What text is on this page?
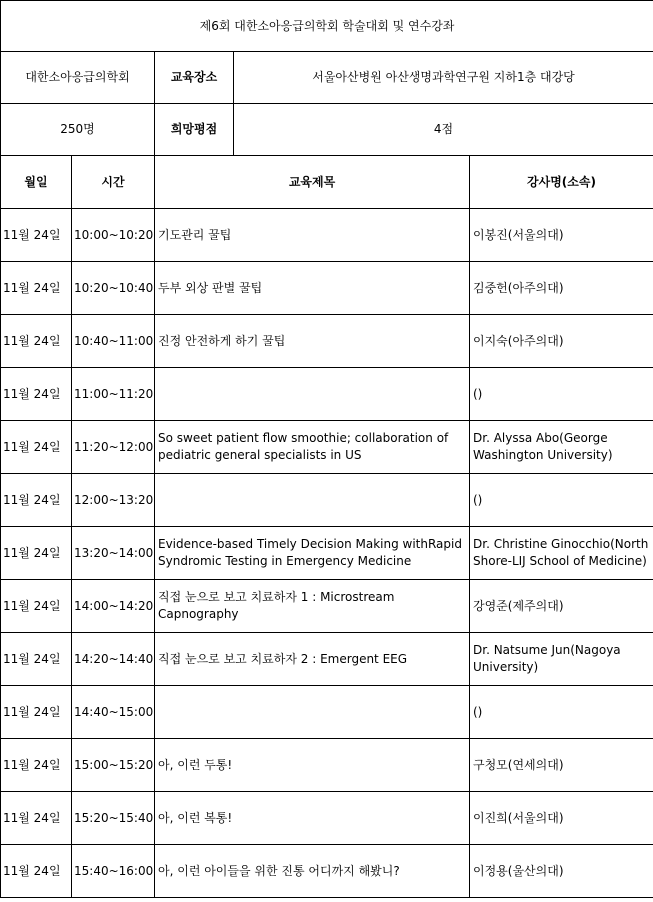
제6회 대한소아응급의학회 학술대회 및 연수강좌				
대한소아응급의학회		교육장소	서울아산병원 아산생명과학연구원 지하1층 대강당	
250명		희망평점	4점	
월일	시간	교육제목		강사명(소속)
11월 24일	10:00~10:20	기도관리 꿀팁		이봉진(서울의대)
11월 24일	10:20~10:40	두부 외상 판별 꿀팁		김중헌(아주의대)
11월 24일	10:40~11:00	진정 안전하게 하기 꿀팁		이지숙(아주의대)
11월 24일	11:00~11:20			()
11월 24일	11:20~12:00	So sweet patient flow smoothie; collaboration of pediatric general specialists in US		Dr. Alyssa Abo(George Washington University)
11월 24일	12:00~13:20			()
11월 24일	13:20~14:00	Evidence-based Timely Decision Making withRapid Syndromic Testing in Emergency Medicine		Dr. Christine Ginocchio(North Shore-LIJ School of Medicine)
11월 24일	14:00~14:20	직접 눈으로 보고 치료하자 1 : Microstream Capnography		강영준(제주의대)
11월 24일	14:20~14:40	직접 눈으로 보고 치료하자 2 : Emergent EEG		Dr. Natsume Jun(Nagoya University)
11월 24일	14:40~15:00			()
11월 24일	15:00~15:20	아, 이런 두통!		구청모(연세의대)
11월 24일	15:20~15:40	아, 이런 복통!		이진희(서울의대)
11월 24일	15:40~16:00	아, 이런 아이들을 위한 진통 어디까지 해봤니?		이정용(울산의대)
